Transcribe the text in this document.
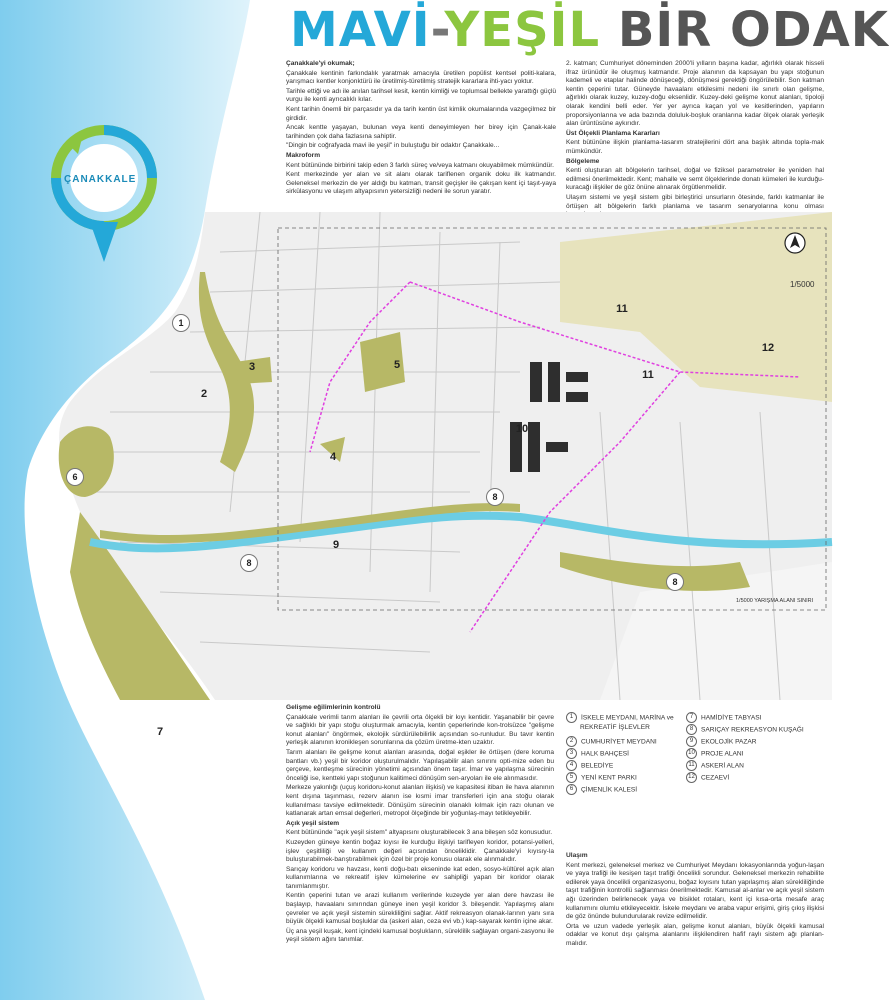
MAVİ-YEŞİL BİR ODAK
ÇANAKKALE

Çanakkale'yi okumak;

Çanakkale kentinin farkındalık yaratmak amacıyla üretilen popülist kentsel politi-kalara, yarışmacı kentler konjonktürü ile üretilmiş-türetilmiş stratejik kararlara ihti-yacı yoktur.

Tarihle ettiği ve adı ile anılan tarihsel kesit, kentin kimliği ve toplumsal bellekte yarattığı güçlü vurgu ile kenti ayrıcalıklı kılar.

Kent tarihin önemli bir parçasıdır ya da tarih kentin üst kimlik okumalarında vazgeçilmez bir girdidir.

Ancak kentte yaşayan, bulunan veya kenti deneyimleyen her birey için Çanak-kale tarihinden çok daha fazlasına sahiptir.

"Dingin bir coğrafyada mavi ile yeşil" in buluştuğu bir odaktır Çanakkale...

Makroform

Kent bütününde birbirini takip eden 3 farklı süreç ve/veya katmanı okuyabilmek mümkündür.

Kent merkezinde yer alan ve sit alanı olarak tariflenen organik doku ilk katmandır. Geleneksel merkezin de yer aldığı bu katman, transit geçişler ile çakışan kent içi taşıt-yaya sirkülasyonu ve ulaşım altyapısının yetersizliği nedeni ile sorun yaratır.

2. katman; Cumhuriyet döneminden 2000'li yılların başına kadar, ağırlıklı olarak hisseli ifraz ürünüdür ile oluşmuş katmandır. Proje alanının da kapsayan bu yapı stoğunun kademeli ve etaplar halinde dönüşeceği, dönüşmesi gerektiği öngörülebilir. Son katman kentin çeperini tutar. Güneyde havaalanı etkilesimi nedeni ile sınırlı olan gelişme, ağırlıklı olarak kuzey, kuzey-doğu eksenlidir. Kuzey-deki gelişme konut alanları, tipoloji olarak kendini belli eder. Yer yer ayrıca kaçan yol ve kesitlerinden, yapıların proporsiyonlarına ve ada bazında doluluk-boşluk oranlarına kadar ölçek olarak yerleşik alan ürüntüsüne aykırıdır.

Üst Ölçekli Planlama Kararları

Kent bütününe ilişkin planlama-tasarım stratejilerini dört ana başlık altında topla-mak mümkündür.

Bölgeleme

Kenti oluşturan alt bölgelerin tarihsel, doğal ve fiziksel parametreler ile yeniden hal edilmesi önerilmektedir. Kent; mahalle ve semt ölçeklerinde donatı kümeleri ile kurduğu-kuracağı ilişkiler de göz önüne alınarak örgütlenmelidir.

Ulaşım sistemi ve yeşil sistem gibi birleştirici unsurların ötesinde, farklı katmanlar ile örtüşen alt bölgelerin farklı planlama ve tasarım senaryolarına konu olması

Gelişme eğilimlerinin kontrolü

Çanakkale verimli tarım alanları ile çevrili orta ölçekli bir kıyı kentidir. Yaşanabilir bir çevre ve sağlıklı bir yapı stoğu oluşturmak amacıyla, kentin çeperlerinde kon-trolsüzce "gelişme konut alanları" öngörmek, ekolojik sürdürülebilirlik açısından so-runludur. Bu tavır kentin yerleşik alanının kronikleşen sorunlarına da çözüm üretme-kten uzaktır.

Tarım alanları ile gelişme konut alanları arasında, doğal eşikler ile örtüşen (dere koruma bantları vb.) yeşil bir koridor oluşturulmalıdır. Yapılaşabilir alan sınırını opti-mize eden bu çerçeve, kentleşme sürecinin yönetimi açısından önem taşır. İmar ve yapılaşma sürecinin önceliği ise, kentteki yapı stoğunun kalitimeci dönüşüm sen-aryoları ile ele alınmasıdır.

Merkeze yakınlığı (uçuş koridoru-konut alanları ilişkisi) ve kapasitesi itibarı ile hava alanının kent dışına taşınması, rezerv alanın ise kısmi imar transferleri için ana stoğu olarak kullanılması tavsiye edilmektedir. Dönüşüm sürecinin olanaklı kılmak için razı olunan ve katlanarak artan emsal değerleri, metropol ölçeğinde bir yoğunlaş-mayı tetikleyebilir.

Açık yeşil sistem

Kent bütününde "açık yeşil sistem" altyapısını oluşturabilecek 3 ana bileşen söz konusudur.

Kuzeyden güneye kentin boğaz kıyısı ile kurduğu ilişkiyi tarifleyen koridor, potansi-yelleri, işlev çeşitliliği ve kullanım değeri açısından önceliklidir. Çanakkale'yi kıyısıy-la buluşturabilmek-barıştırabilmek için özel bir proje konusu olarak ele alınmalıdır.

Sarıçay koridoru ve havzası, kenti doğu-batı ekseninde kat eden, sosyo-kültürel açık alan kullanımlarına ve rekreatif işlev kümelerine ev sahipliği yapan bir koridor olarak tanımlanmıştır.

Kentin çeperini tutan ve arazi kullanım verilerinde kuzeyde yer alan dere havzası ile başlayıp, havaalanı sınırından güneye inen yeşil koridor 3. bileşendir. Yapılaşmış alanı çevreler ve açık yeşil sistemin sürekliliğini sağlar. Aktif rekreasyon olanak-larının yanı sıra büyük ölçekli kamusal boşluklar da (askeri alan, ceza evi vb.) kap-sayarak kentin içine akar.

Üç ana yeşil kuşak, kent içindeki kamusal boşlukların, süreklilik sağlayan organi-zasyonu ile yeşil sistem ağını tanımlar.

Ulaşım

Kent merkezi, geleneksel merkez ve Cumhuriyet Meydanı lokasyonlarında yoğun-laşan ve yaya trafiği ile kesişen taşıt trafiği öncelikli sorundur. Geleneksel merkezin rehabilite edilerek yaya öncelikli organizasyonu, boğaz kıyısını tutan yapılaşmış alan sürekliliğinde taşıt trafiğinin kontrollü sağlanması önerilmektedir. Kamusal al-anlar ve açık yeşil sistem ağı üzerinden belirlenecek yaya ve bisiklet rotaları, kent içi kısa-orta mesafe araç kullanımını olumlu etkileyecektir. İskele meydanı ve araba vapur erişimi, giriş çıkış ilişkisi de göz önünde bulundurularak revize edilmelidir.

Orta ve uzun vadede yerleşik alan, gelişme konut alanları, büyük ölçekli kamusal odaklar ve konut dışı çalışma alanlarını ilişkilendiren hafif raylı sistem ağı planlan-malıdır.

1
2
3
4
5
6
7
8
8
8
9
10
11
11
12
1/5000
1/5000 YARIŞMA ALANI SINIRI
1 İSKELE MEYDANI, MARİNA ve
REKREATİF İŞLEVLER
2 CUMHURİYET MEYDANI
3 HALK BAHÇESİ
4 BELEDİYE
5 YENİ KENT PARKI
6 ÇİMENLİK KALESİ
7 HAMİDİYE TABYASI
8 SARIÇAY REKREASYON KUŞAĞI
9 EKOLOJİK PAZAR
10 PROJE ALANI
11 ASKERİ ALAN
12 CEZAEVİ
